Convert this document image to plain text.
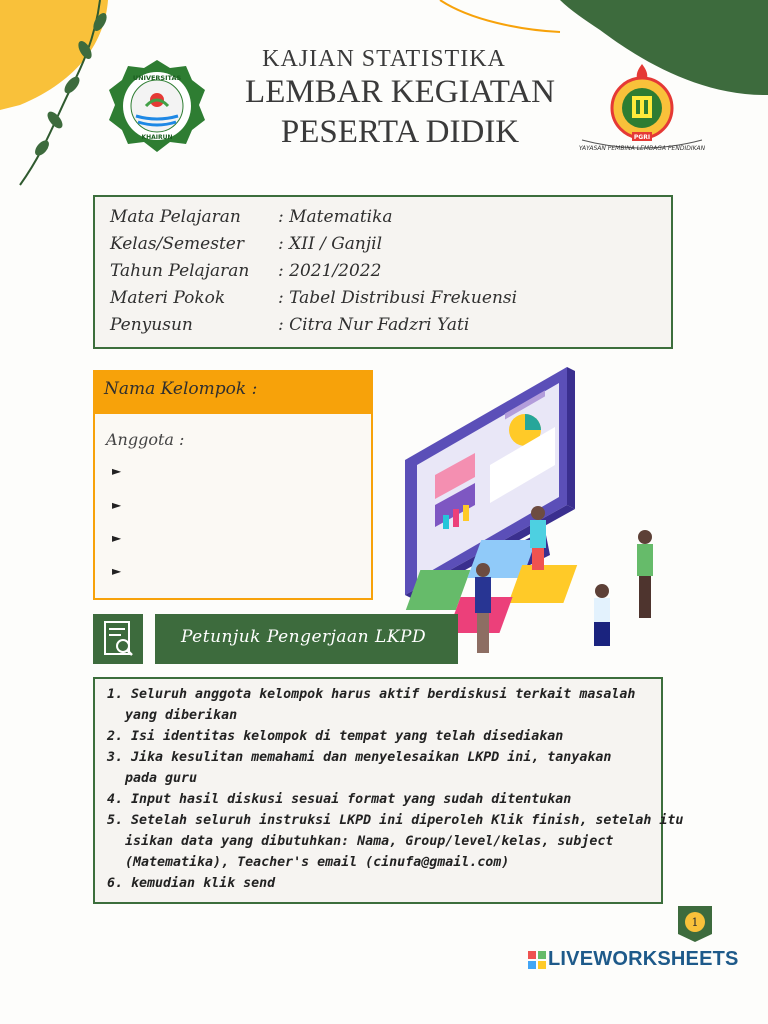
UNIVERSITAS
KHAIRUN	PGRI
YAYASAN PEMBINA LEMBAGA PENDIDIKAN
KAJIAN STATISTIKA
LEMBAR KEGIATAN
PESERTA DIDIK
Mata Pelajaran : Matematika
Kelas/Semester : XII / Ganjil
Tahun Pelajaran : 2021/2022
Materi Pokok	: Tabel Distribusi Frekuensi
Penyusun	: Citra Nur Fadzri Yati
Nama Kelompok :
Anggota :
►
►
►
►
Petunjuk Pengerjaan LKPD
1. Seluruh anggota kelompok harus aktif berdiskusi terkait masalah
yang diberikan
2. Isi identitas kelompok di tempat yang telah disediakan
3. Jika kesulitan memahami dan menyelesaikan LKPD ini, tanyakan
pada guru
4. Input hasil diskusi sesuai format yang sudah ditentukan
5. Setelah seluruh instruksi LKPD ini diperoleh Klik finish, setelah itu
isikan data yang dibutuhkan: Nama, Group/level/kelas, subject
(Matematika), Teacher's email (cinufa@gmail.com)
6. kemudian klik send
1
LIVEWORKSHEETS
